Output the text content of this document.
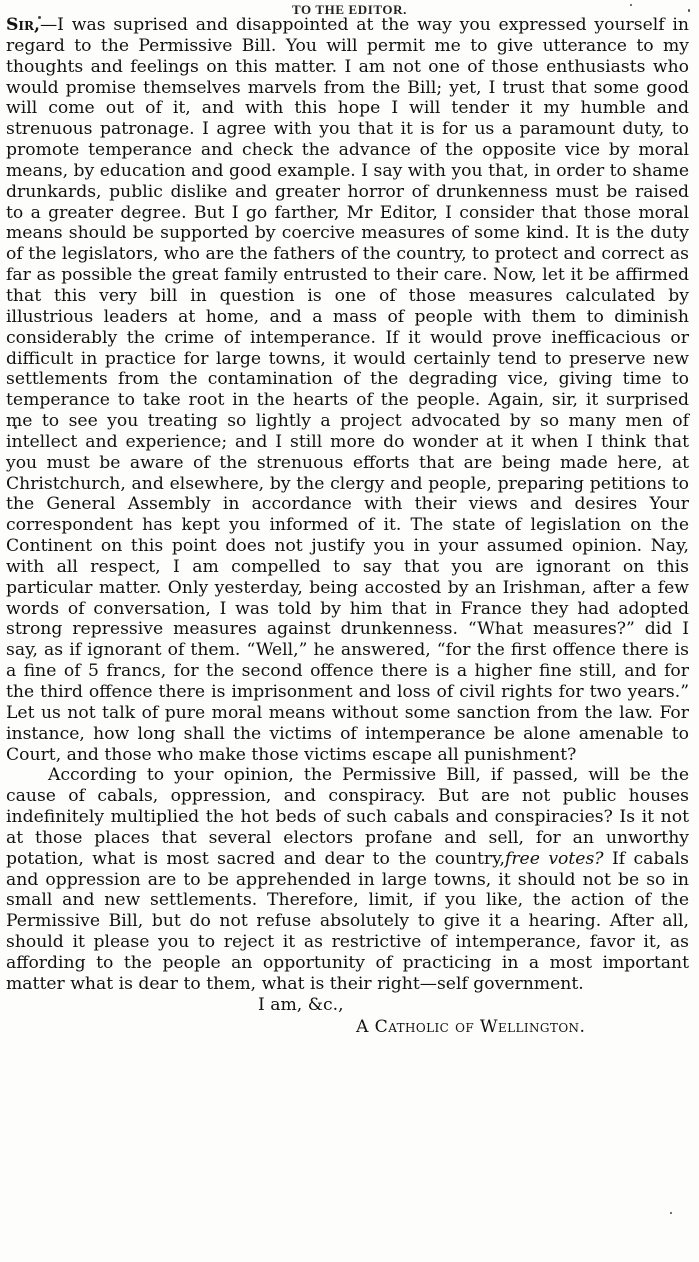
TO THE EDITOR.

Sir,—I was suprised and disappointed at the way you expressed yourself in regard to the Permissive Bill. You will permit me to give utterance to my thoughts and feelings on this matter. I am not one of those enthusiasts who would promise themselves marvels from the Bill; yet, I trust that some good will come out of it, and with this hope I will tender it my humble and strenuous patronage. I agree with you that it is for us a paramount duty, to promote temperance and check the advance of the opposite vice by moral means, by education and good example. I say with you that, in order to shame drunkards, public dislike and greater horror of drunkenness must be raised to a greater degree. But I go farther, Mr Editor, I consider that those moral means should be supported by coercive measures of some kind. It is the duty of the legislators, who are the fathers of the country, to protect and correct as far as possible the great family entrusted to their care. Now, let it be affirmed that this very bill in question is one of those measures calculated by illustrious leaders at home, and a mass of people with them to diminish considerably the crime of intemperance. If it would prove inefficacious or difficult in practice for large towns, it would certainly tend to preserve new settlements from the contamination of the degrading vice, giving time to temperance to take root in the hearts of the people. Again, sir, it surprised me to see you treating so lightly a project advocated by so many men of intellect and experience; and I still more do wonder at it when I think that you must be aware of the strenuous efforts that are being made here, at Christchurch, and elsewhere, by the clergy and people, preparing petitions to the General Assembly in accordance with their views and desires Your correspondent has kept you informed of it. The state of legislation on the Continent on this point does not justify you in your assumed opinion. Nay, with all respect, I am compelled to say that you are ignorant on this particular matter. Only yesterday, being accosted by an Irishman, after a few words of conversation, I was told by him that in France they had adopted strong repressive measures against drunkenness. “What measures?” did I say, as if ignorant of them. “Well,” he answered, “for the first offence there is a fine of 5 francs, for the second offence there is a higher fine still, and for the third offence there is imprisonment and loss of civil rights for two years.” Let us not talk of pure moral means without some sanction from the law. For instance, how long shall the victims of intemperance be alone amenable to Court, and those who make those victims escape all punishment?

According to your opinion, the Permissive Bill, if passed, will be the cause of cabals, oppression, and conspiracy. But are not public houses indefinitely multiplied the hot beds of such cabals and conspiracies? Is it not at those places that several electors profane and sell, for an unworthy potation, what is most sacred and dear to the country,free votes? If cabals and oppression are to be apprehended in large towns, it should not be so in small and new settlements. Therefore, limit, if you like, the action of the Permissive Bill, but do not refuse absolutely to give it a hearing. After all, should it please you to reject it as restrictive of intemperance, favor it, as affording to the people an opportunity of practicing in a most important matter what is dear to them, what is their right—self government.

I am, &c.,

A Catholic of Wellington.
